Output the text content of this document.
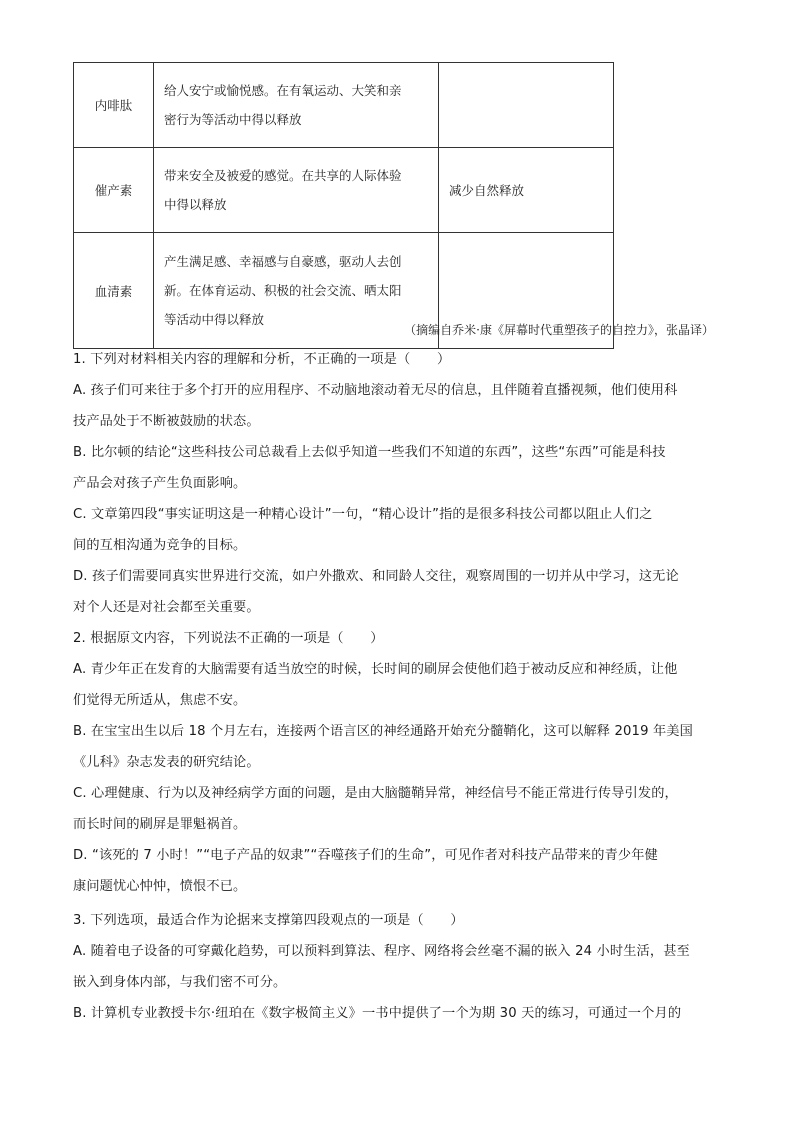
内啡肽	给人安宁或愉悦感。在有氧运动、大笑和亲
密行为等活动中得以释放	

催产素	带来安全及被爱的感觉。在共享的人际体验
中得以释放	减少自然释放
血清素	产生满足感、幸福感与自豪感，驱动人去创
新。在体育运动、积极的社会交流、晒太阳
等活动中得以释放	

（摘编自乔米·康《屏幕时代重塑孩子的自控力》，张晶译）
1. 下列对材料相关内容的理解和分析，不正确的一项是（　　）
A. 孩子们可来往于多个打开的应用程序、不动脑地滚动着无尽的信息，且伴随着直播视频，他们使用科
技产品处于不断被鼓励的状态。
B. 比尔顿的结论“这些科技公司总裁看上去似乎知道一些我们不知道的东西”，这些“东西”可能是科技
产品会对孩子产生负面影响。
C. 文章第四段“事实证明这是一种精心设计”一句，“精心设计”指的是很多科技公司都以阻止人们之
间的互相沟通为竞争的目标。
D. 孩子们需要同真实世界进行交流，如户外撒欢、和同龄人交往，观察周围的一切并从中学习，这无论
对个人还是对社会都至关重要。
2. 根据原文内容，下列说法不正确的一项是（　　）
A. 青少年正在发育的大脑需要有适当放空的时候，长时间的刷屏会使他们趋于被动反应和神经质，让他
们觉得无所适从，焦虑不安。
B. 在宝宝出生以后 18 个月左右，连接两个语言区的神经通路开始充分髓鞘化，这可以解释 2019 年美国
《儿科》杂志发表的研究结论。
C. 心理健康、行为以及神经病学方面的问题，是由大脑髓鞘异常，神经信号不能正常进行传导引发的，
而长时间的刷屏是罪魁祸首。
D. “该死的 7 小时！”“电子产品的奴隶”“吞噬孩子们的生命”，可见作者对科技产品带来的青少年健
康问题忧心忡忡，愤恨不已。
3. 下列选项，最适合作为论据来支撑第四段观点的一项是（　　）
A. 随着电子设备的可穿戴化趋势，可以预料到算法、程序、网络将会丝毫不漏的嵌入 24 小时生活，甚至
嵌入到身体内部，与我们密不可分。
B. 计算机专业教授卡尔·纽珀在《数字极简主义》一书中提供了一个为期 30 天的练习，可通过一个月的
